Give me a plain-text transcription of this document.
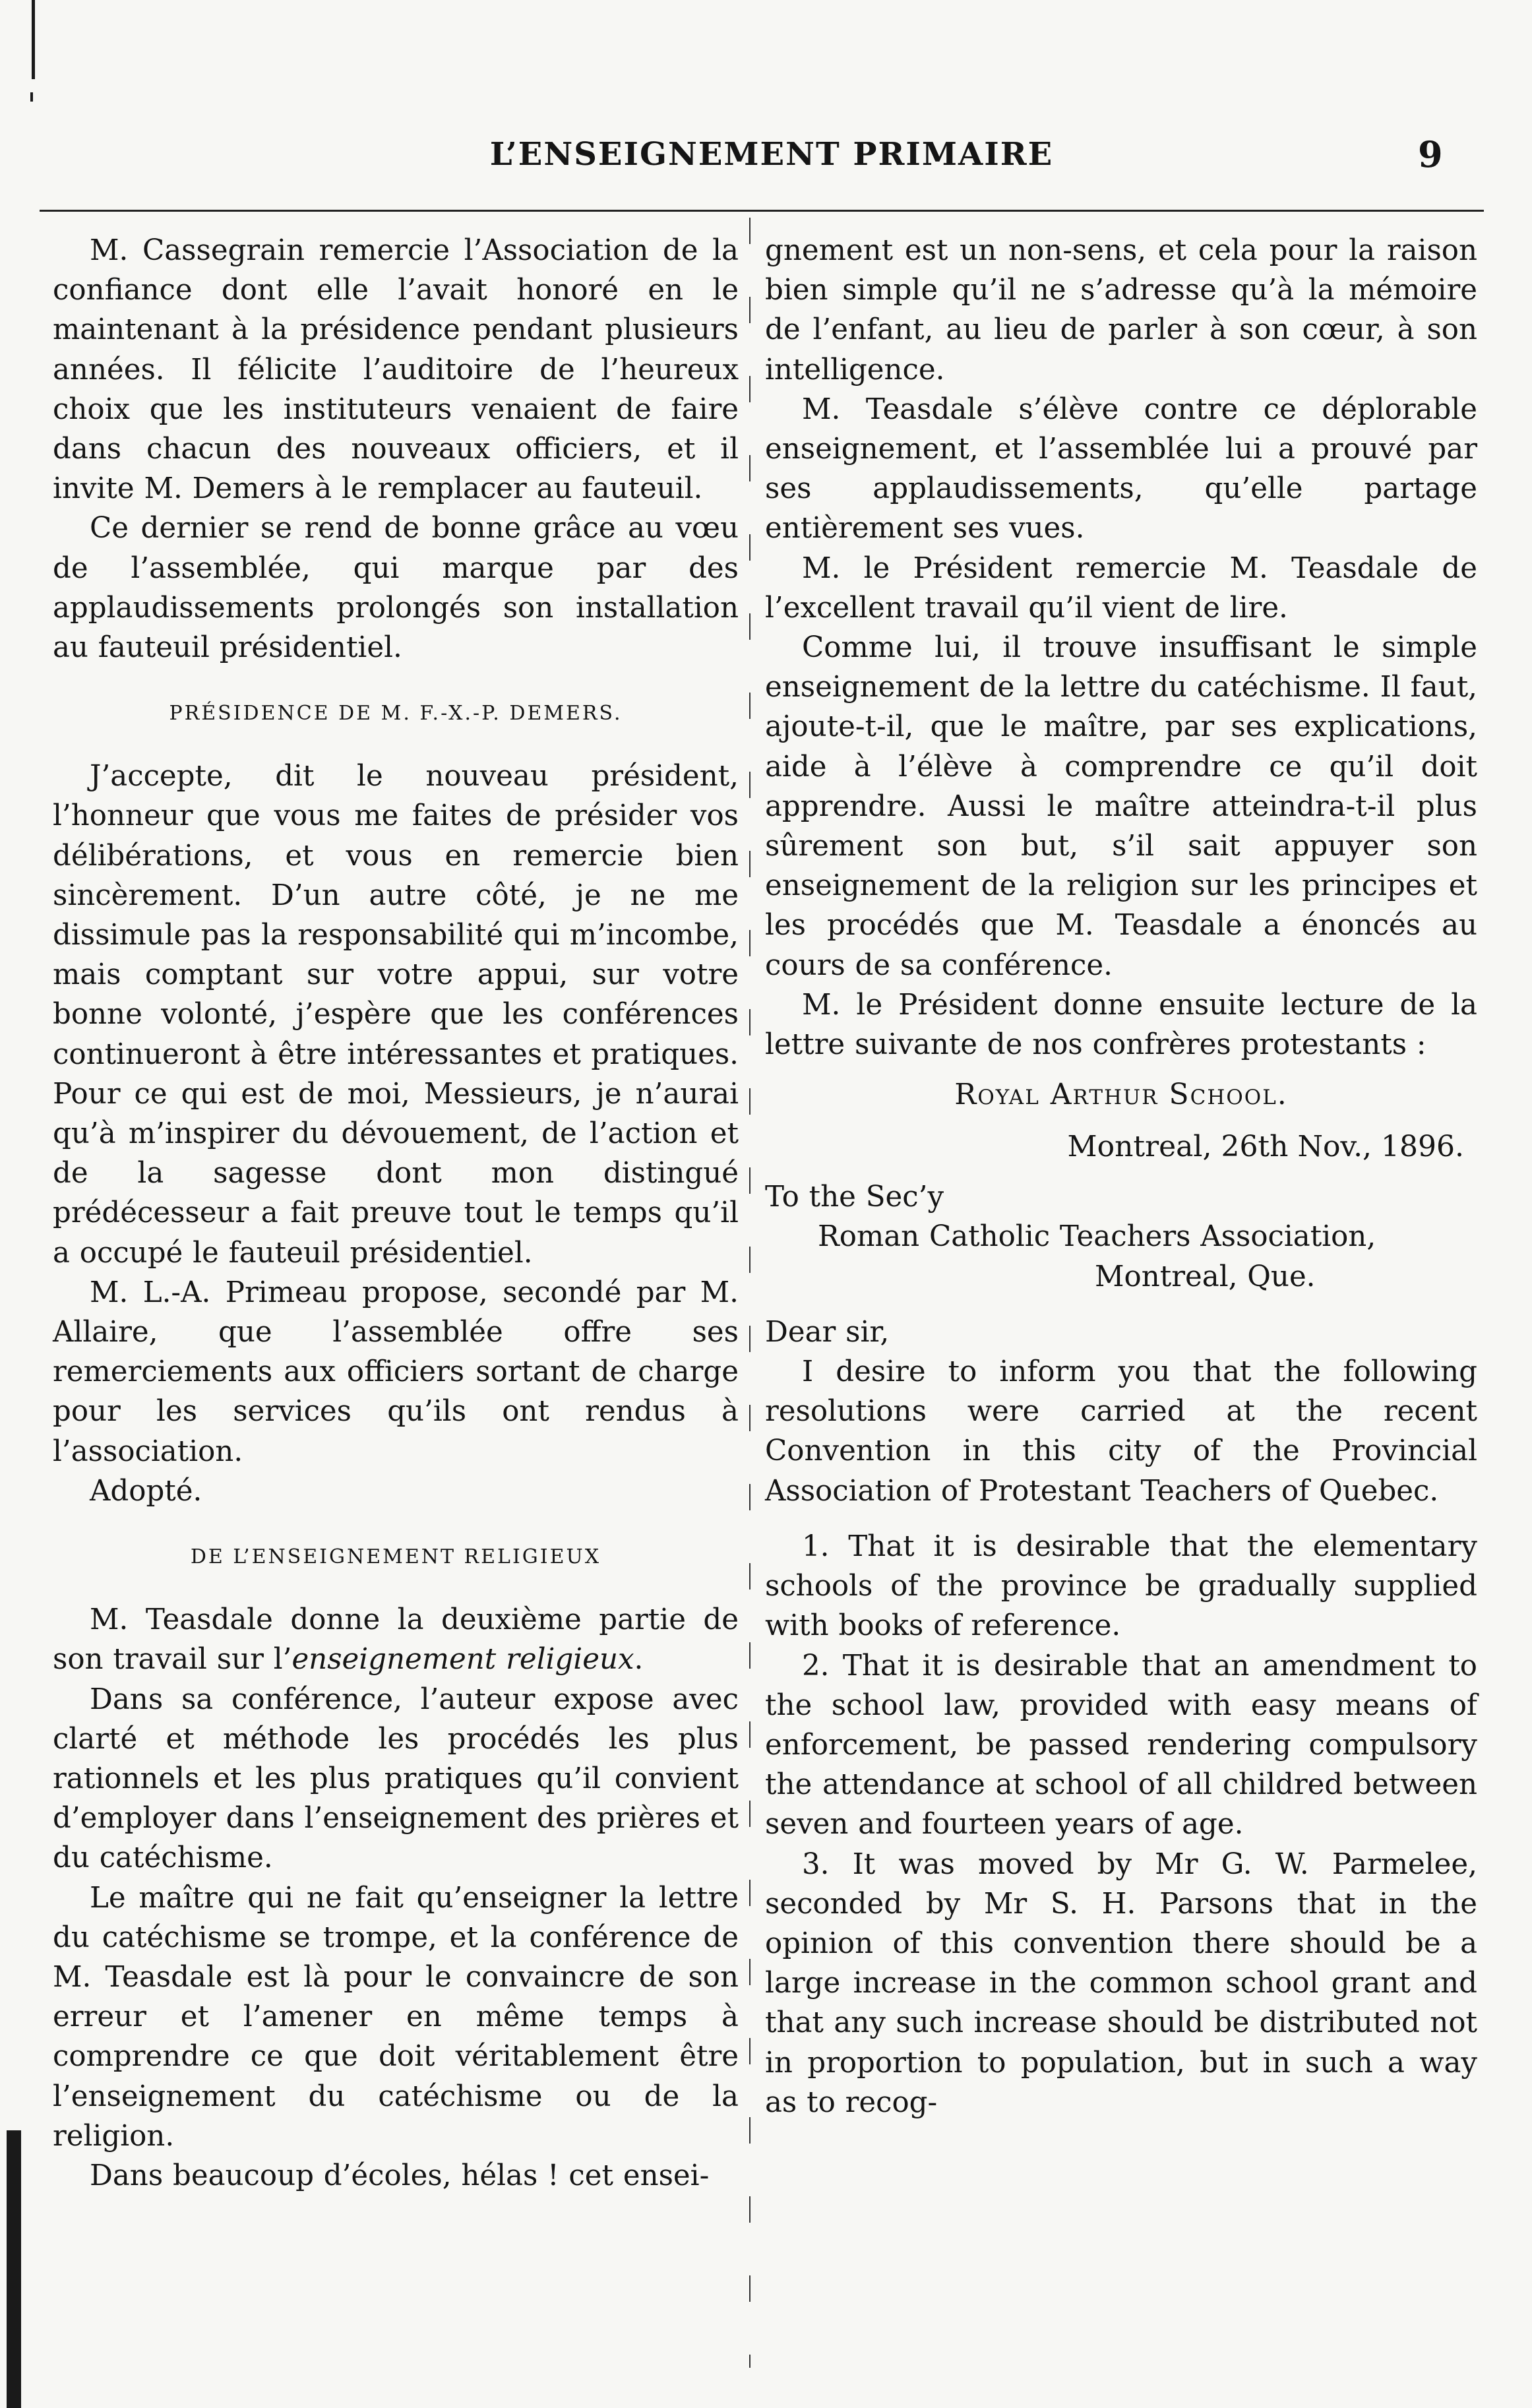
L’ENSEIGNEMENT PRIMAIRE	9

M. Cassegrain remercie l’Association de la confiance dont elle l’avait honoré en le maintenant à la présidence pendant plusieurs années. Il félicite l’auditoire de l’heureux choix que les instituteurs venaient de faire dans chacun des nouveaux officiers, et il invite M. Demers à le remplacer au fauteuil.

Ce dernier se rend de bonne grâce au vœu de l’assemblée, qui marque par des applaudissements prolongés son installation au fauteuil présidentiel.

PRÉSIDENCE DE M. F.-X.-P. DEMERS.

J’accepte, dit le nouveau président, l’honneur que vous me faites de présider vos délibérations, et vous en remercie bien sincèrement. D’un autre côté, je ne me dissimule pas la responsabilité qui m’incombe, mais comptant sur votre appui, sur votre bonne volonté, j’espère que les conférences continueront à être intéressantes et pratiques. Pour ce qui est de moi, Messieurs, je n’aurai qu’à m’inspirer du dévouement, de l’action et de la sagesse dont mon distingué prédécesseur a fait preuve tout le temps qu’il a occupé le fauteuil présidentiel.

M. L.-A. Primeau propose, secondé par M. Allaire, que l’assemblée offre ses remerciements aux officiers sortant de charge pour les services qu’ils ont rendus à l’association.

Adopté.

DE L’ENSEIGNEMENT RELIGIEUX

M. Teasdale donne la deuxième partie de son travail sur l’enseignement religieux.

Dans sa conférence, l’auteur expose avec clarté et méthode les procédés les plus rationnels et les plus pratiques qu’il convient d’employer dans l’enseignement des prières et du catéchisme.

Le maître qui ne fait qu’enseigner la lettre du catéchisme se trompe, et la conférence de M. Teasdale est là pour le convaincre de son erreur et l’amener en même temps à comprendre ce que doit véritablement être l’enseignement du catéchisme ou de la religion.

Dans beaucoup d’écoles, hélas ! cet ensei-

gnement est un non-sens, et cela pour la raison bien simple qu’il ne s’adresse qu’à la mémoire de l’enfant, au lieu de parler à son cœur, à son intelligence.

M. Teasdale s’élève contre ce déplorable enseignement, et l’assemblée lui a prouvé par ses applaudissements, qu’elle partage entièrement ses vues.

M. le Président remercie M. Teasdale de l’excellent travail qu’il vient de lire.

Comme lui, il trouve insuffisant le simple enseignement de la lettre du catéchisme. Il faut, ajoute-t-il, que le maître, par ses explications, aide à l’élève à comprendre ce qu’il doit apprendre. Aussi le maître atteindra-t-il plus sûrement son but, s’il sait appuyer son enseignement de la religion sur les principes et les procédés que M. Teasdale a énoncés au cours de sa conférence.

M. le Président donne ensuite lecture de la lettre suivante de nos confrères protestants :

Royal Arthur School.
Montreal, 26th Nov., 1896.

To the Sec’y

Roman Catholic Teachers Association,

Montreal, Que.

Dear sir,

I desire to inform you that the following resolutions were carried at the recent Convention in this city of the Provincial Association of Protestant Teachers of Quebec.

1. That it is desirable that the elementary schools of the province be gradually supplied with books of reference.

2. That it is desirable that an amendment to the school law, provided with easy means of enforcement, be passed rendering compulsory the attendance at school of all childred between seven and fourteen years of age.

3. It was moved by Mr G. W. Parmelee, seconded by Mr S. H. Parsons that in the opinion of this convention there should be a large increase in the common school grant and that any such increase should be distributed not in proportion to population, but in such a way as to recog-
